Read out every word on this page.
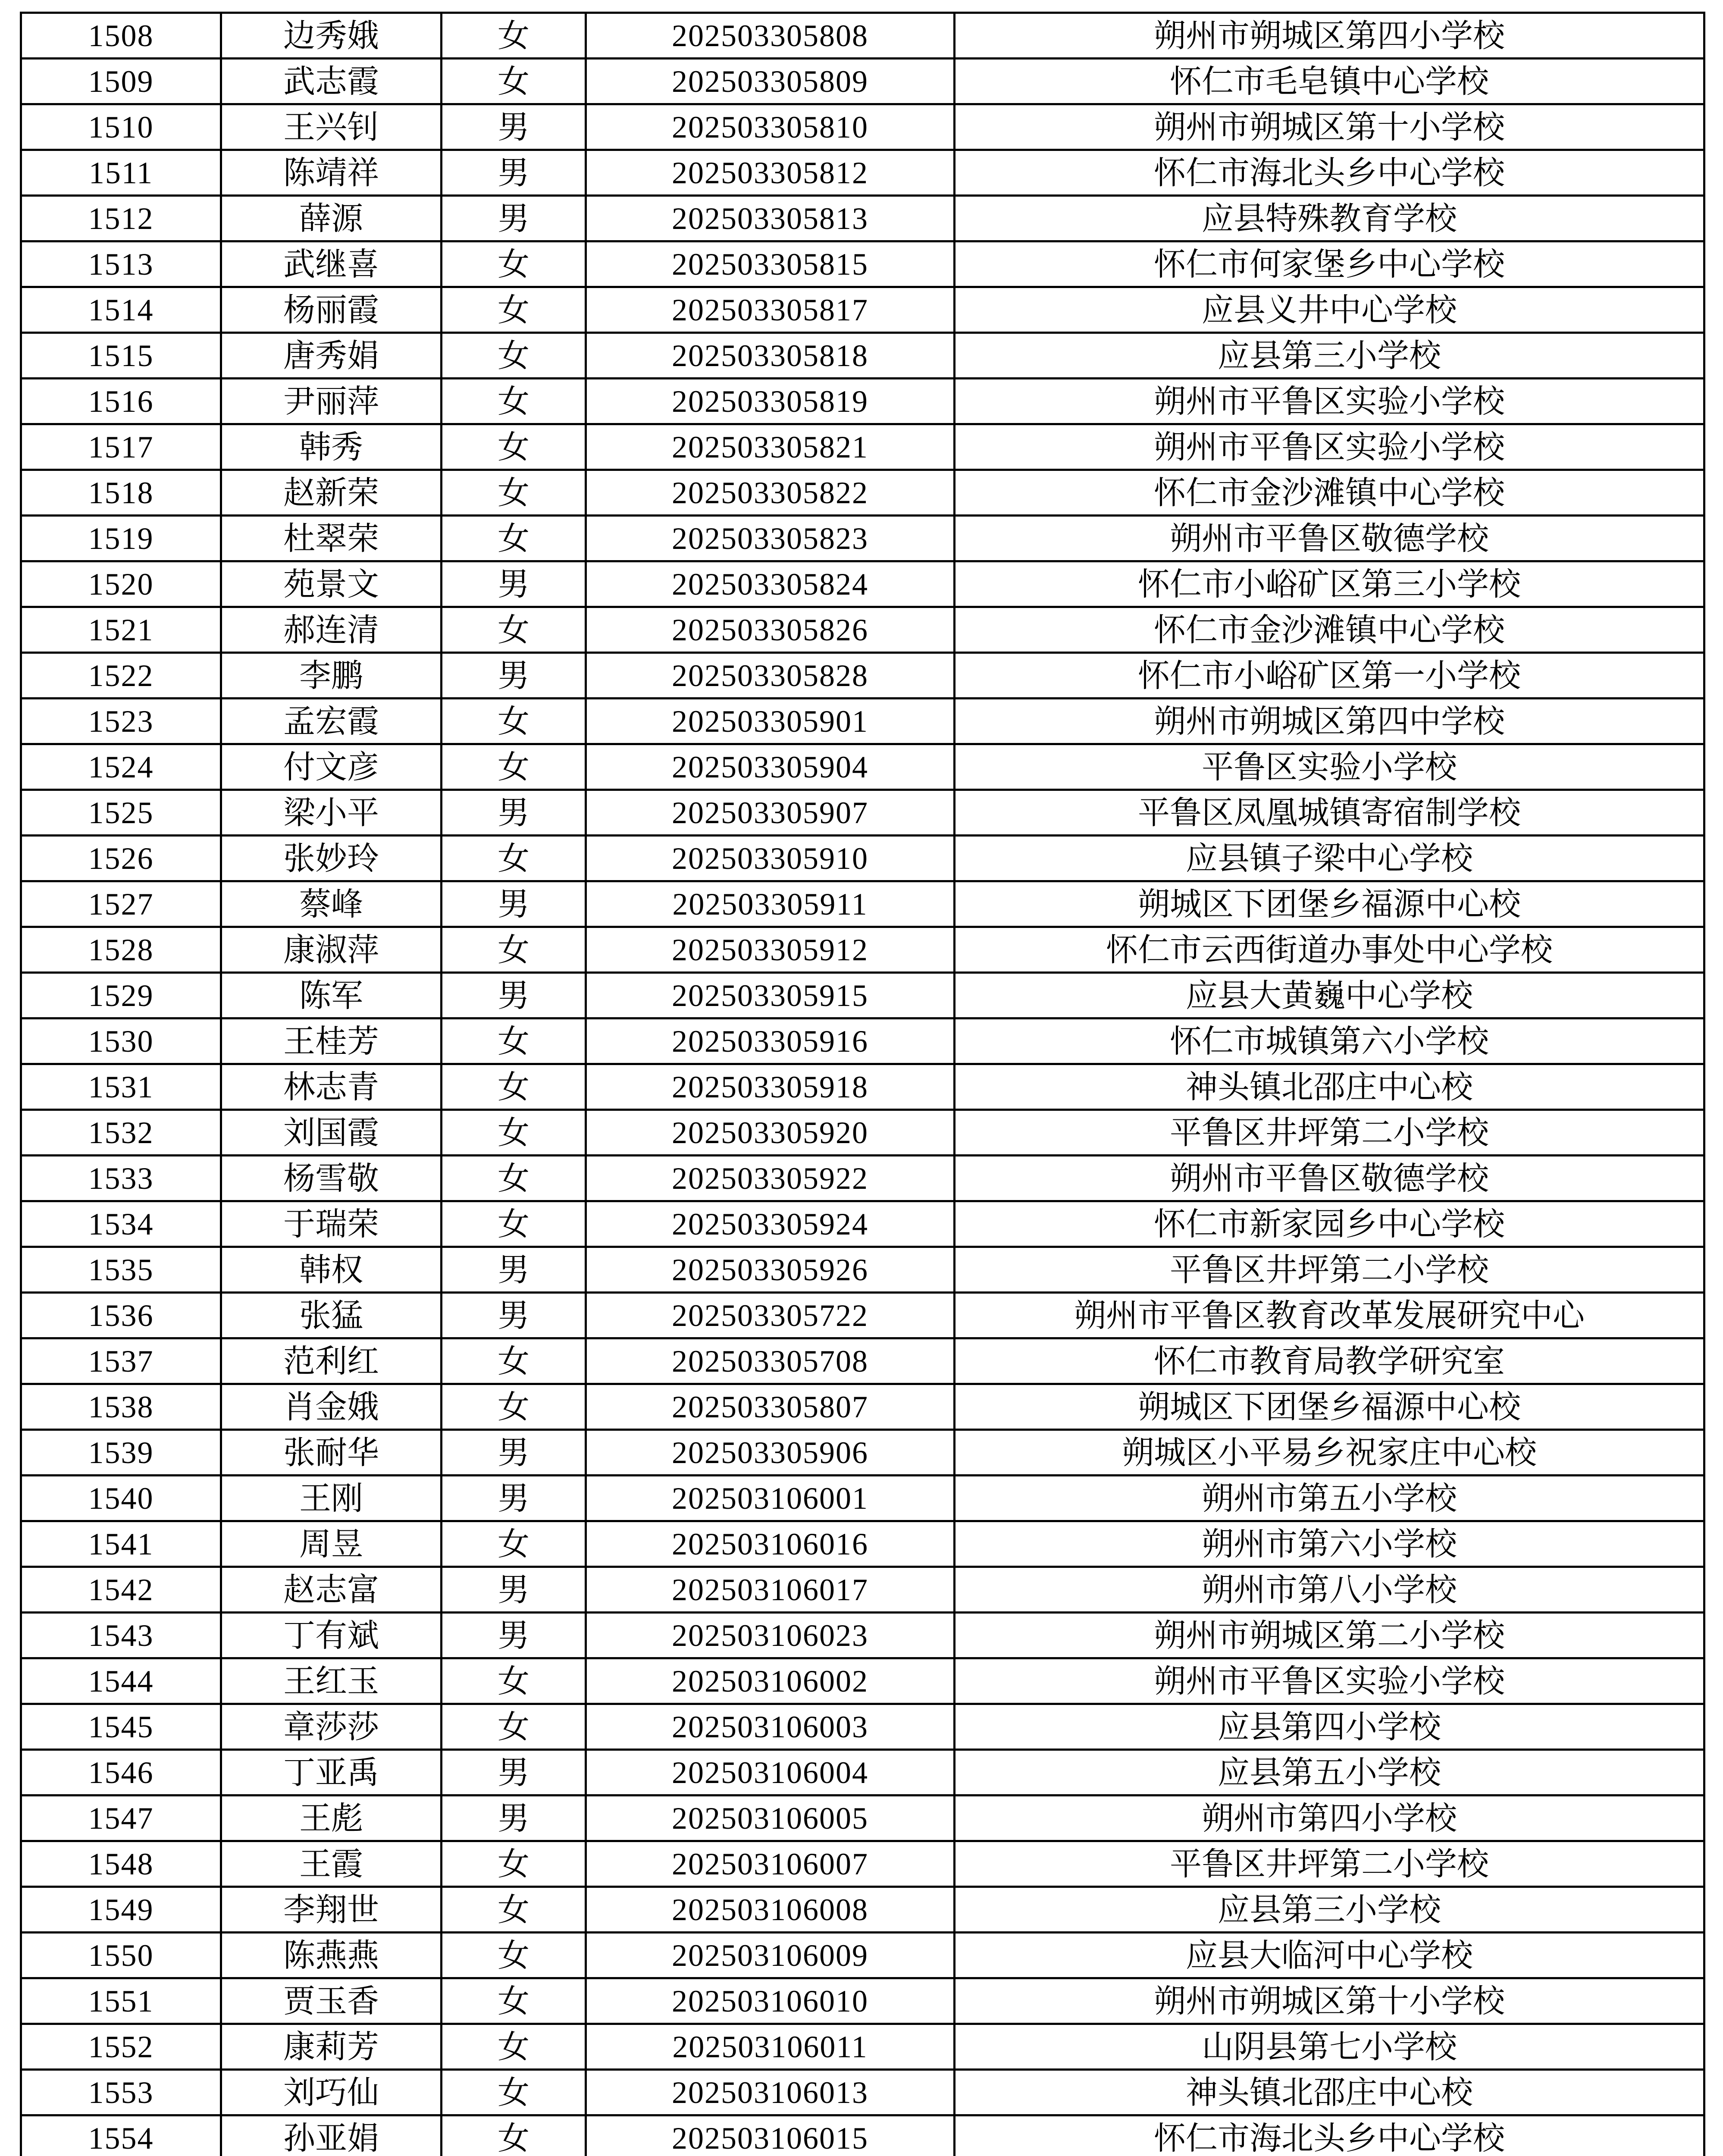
1508	边秀娥	女	202503305808	朔州市朔城区第四小学校
1509	武志霞	女	202503305809	怀仁市毛皂镇中心学校
1510	王兴钊	男	202503305810	朔州市朔城区第十小学校
1511	陈靖祥	男	202503305812	怀仁市海北头乡中心学校
1512	薛源	男	202503305813	应县特殊教育学校
1513	武继喜	女	202503305815	怀仁市何家堡乡中心学校
1514	杨丽霞	女	202503305817	应县义井中心学校
1515	唐秀娟	女	202503305818	应县第三小学校
1516	尹丽萍	女	202503305819	朔州市平鲁区实验小学校
1517	韩秀	女	202503305821	朔州市平鲁区实验小学校
1518	赵新荣	女	202503305822	怀仁市金沙滩镇中心学校
1519	杜翠荣	女	202503305823	朔州市平鲁区敬德学校
1520	苑景文	男	202503305824	怀仁市小峪矿区第三小学校
1521	郝连清	女	202503305826	怀仁市金沙滩镇中心学校
1522	李鹏	男	202503305828	怀仁市小峪矿区第一小学校
1523	孟宏霞	女	202503305901	朔州市朔城区第四中学校
1524	付文彦	女	202503305904	平鲁区实验小学校
1525	梁小平	男	202503305907	平鲁区凤凰城镇寄宿制学校
1526	张妙玲	女	202503305910	应县镇子梁中心学校
1527	蔡峰	男	202503305911	朔城区下团堡乡福源中心校
1528	康淑萍	女	202503305912	怀仁市云西街道办事处中心学校
1529	陈军	男	202503305915	应县大黄巍中心学校
1530	王桂芳	女	202503305916	怀仁市城镇第六小学校
1531	林志青	女	202503305918	神头镇北邵庄中心校
1532	刘国霞	女	202503305920	平鲁区井坪第二小学校
1533	杨雪敬	女	202503305922	朔州市平鲁区敬德学校
1534	于瑞荣	女	202503305924	怀仁市新家园乡中心学校
1535	韩权	男	202503305926	平鲁区井坪第二小学校
1536	张猛	男	202503305722	朔州市平鲁区教育改革发展研究中心
1537	范利红	女	202503305708	怀仁市教育局教学研究室
1538	肖金娥	女	202503305807	朔城区下团堡乡福源中心校
1539	张耐华	男	202503305906	朔城区小平易乡祝家庄中心校
1540	王刚	男	202503106001	朔州市第五小学校
1541	周昱	女	202503106016	朔州市第六小学校
1542	赵志富	男	202503106017	朔州市第八小学校
1543	丁有斌	男	202503106023	朔州市朔城区第二小学校
1544	王红玉	女	202503106002	朔州市平鲁区实验小学校
1545	章莎莎	女	202503106003	应县第四小学校
1546	丁亚禹	男	202503106004	应县第五小学校
1547	王彪	男	202503106005	朔州市第四小学校
1548	王霞	女	202503106007	平鲁区井坪第二小学校
1549	李翔世	女	202503106008	应县第三小学校
1550	陈燕燕	女	202503106009	应县大临河中心学校
1551	贾玉香	女	202503106010	朔州市朔城区第十小学校
1552	康莉芳	女	202503106011	山阴县第七小学校
1553	刘巧仙	女	202503106013	神头镇北邵庄中心校
1554	孙亚娟	女	202503106015	怀仁市海北头乡中心学校
